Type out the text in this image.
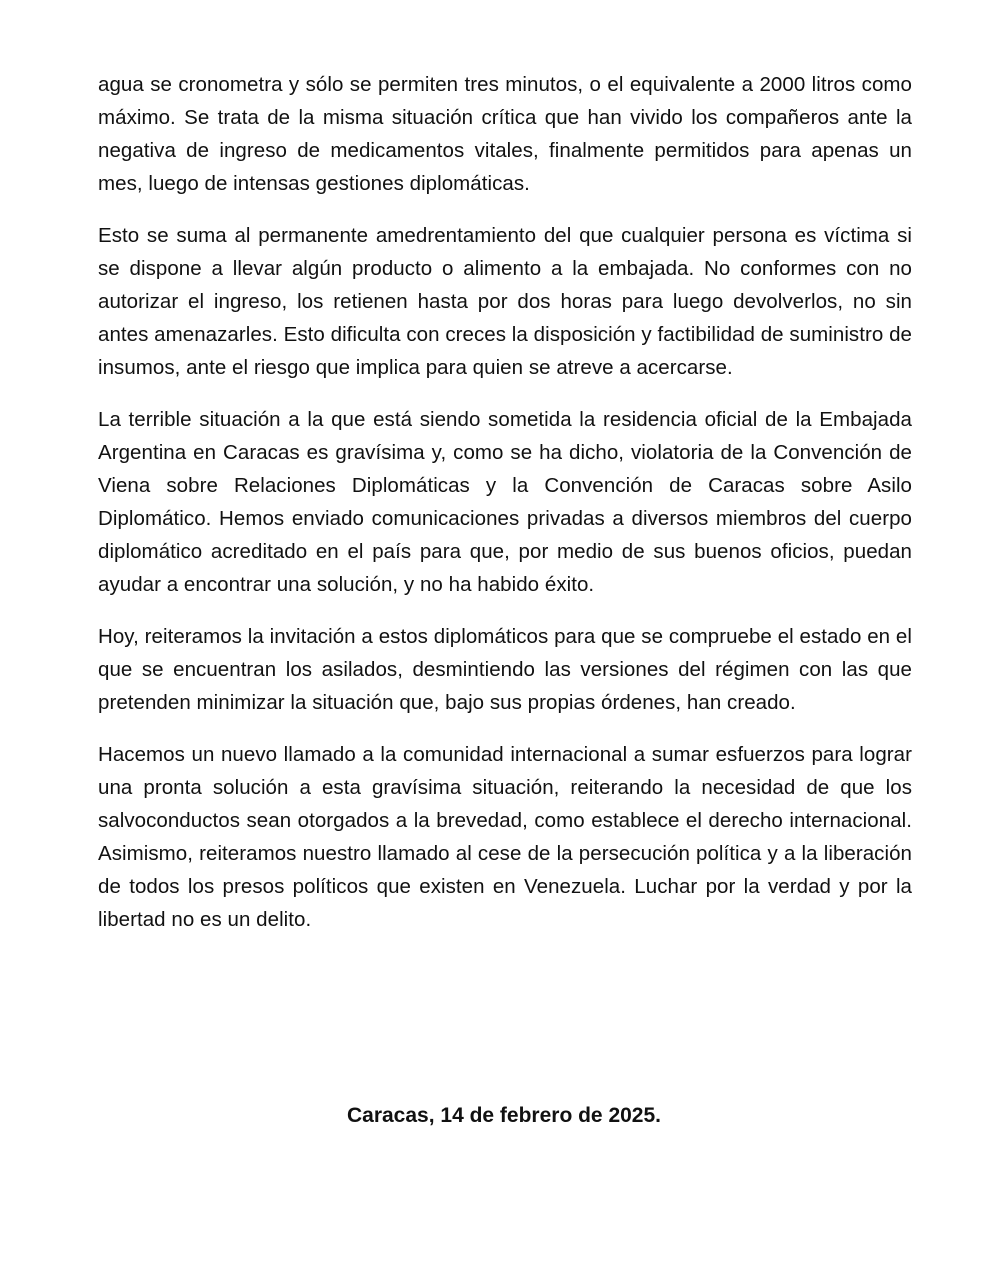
agua se cronometra y sólo se permiten tres minutos, o el equivalente a 2000 litros como máximo. Se trata de la misma situación crítica que han vivido los compañeros ante la negativa de ingreso de medicamentos vitales, finalmente permitidos para apenas un mes, luego de intensas gestiones diplomáticas.

Esto se suma al permanente amedrentamiento del que cualquier persona es víctima si se dispone a llevar algún producto o alimento a la embajada. No conformes con no autorizar el ingreso, los retienen hasta por dos horas para luego devolverlos, no sin antes amenazarles. Esto dificulta con creces la disposición y factibilidad de suministro de insumos, ante el riesgo que implica para quien se atreve a acercarse.

La terrible situación a la que está siendo sometida la residencia oficial de la Embajada Argentina en Caracas es gravísima y, como se ha dicho, violatoria de la Convención de Viena sobre Relaciones Diplomáticas y la Convención de Caracas sobre Asilo Diplomático. Hemos enviado comunicaciones privadas a diversos miembros del cuerpo diplomático acreditado en el país para que, por medio de sus buenos oficios, puedan ayudar a encontrar una solución, y no ha habido éxito.

Hoy, reiteramos la invitación a estos diplomáticos para que se compruebe el estado en el que se encuentran los asilados, desmintiendo las versiones del régimen con las que pretenden minimizar la situación que, bajo sus propias órdenes, han creado.

Hacemos un nuevo llamado a la comunidad internacional a sumar esfuerzos para lograr una pronta solución a esta gravísima situación, reiterando la necesidad de que los salvoconductos sean otorgados a la brevedad, como establece el derecho internacional. Asimismo, reiteramos nuestro llamado al cese de la persecución política y a la liberación de todos los presos políticos que existen en Venezuela. Luchar por la verdad y por la libertad no es un delito.

Caracas, 14 de febrero de 2025.
